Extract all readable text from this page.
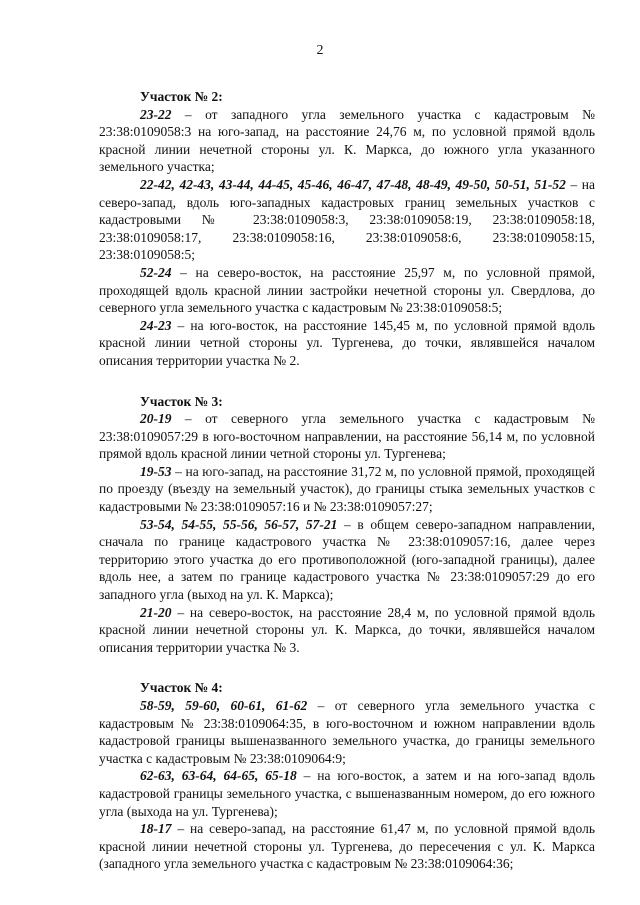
2
Участок № 2:

23-22 – от западного угла земельного участка с кадастровым № 23:38:0109058:3 на юго-запад, на расстояние 24,76 м, по условной прямой вдоль красной линии нечетной стороны ул. К. Маркса, до южного угла указанного земельного участка;

22-42, 42-43, 43-44, 44-45, 45-46, 46-47, 47-48, 48-49, 49-50, 50-51, 51-52 – на северо-запад, вдоль юго-западных кадастровых границ земельных участков с кадастровыми № 23:38:0109058:3, 23:38:0109058:19, 23:38:0109058:18, 23:38:0109058:17, 23:38:0109058:16, 23:38:0109058:6, 23:38:0109058:15, 23:38:0109058:5;

52-24 – на северо-восток, на расстояние 25,97 м, по условной прямой, проходящей вдоль красной линии застройки нечетной стороны ул. Свердлова, до северного угла земельного участка с кадастровым № 23:38:0109058:5;

24-23 – на юго-восток, на расстояние 145,45 м, по условной прямой вдоль красной линии четной стороны ул. Тургенева, до точки, являвшейся началом описания территории участка № 2.

Участок № 3:

20-19 – от северного угла земельного участка с кадастровым № 23:38:0109057:29 в юго-восточном направлении, на расстояние 56,14 м, по условной прямой вдоль красной линии четной стороны ул. Тургенева;

19-53 – на юго-запад, на расстояние 31,72 м, по условной прямой, проходящей по проезду (въезду на земельный участок), до границы стыка земельных участков с кадастровыми № 23:38:0109057:16 и № 23:38:0109057:27;

53-54, 54-55, 55-56, 56-57, 57-21 – в общем северо-западном направлении, сначала по границе кадастрового участка № 23:38:0109057:16, далее через территорию этого участка до его противоположной (юго-западной границы), далее вдоль нее, а затем по границе кадастрового участка № 23:38:0109057:29 до его западного угла (выход на ул. К. Маркса);

21-20 – на северо-восток, на расстояние 28,4 м, по условной прямой вдоль красной линии нечетной стороны ул. К. Маркса, до точки, являвшейся началом описания территории участка № 3.

Участок № 4:

58-59, 59-60, 60-61, 61-62 – от северного угла земельного участка с кадастровым № 23:38:0109064:35, в юго-восточном и южном направлении вдоль кадастровой границы вышеназванного земельного участка, до границы земельного участка с кадастровым № 23:38:0109064:9;

62-63, 63-64, 64-65, 65-18 – на юго-восток, а затем и на юго-запад вдоль кадастровой границы земельного участка, с вышеназванным номером, до его южного угла (выхода на ул. Тургенева);

18-17 – на северо-запад, на расстояние 61,47 м, по условной прямой вдоль красной линии нечетной стороны ул. Тургенева, до пересечения с ул. К. Маркса (западного угла земельного участка с кадастровым № 23:38:0109064:36;
